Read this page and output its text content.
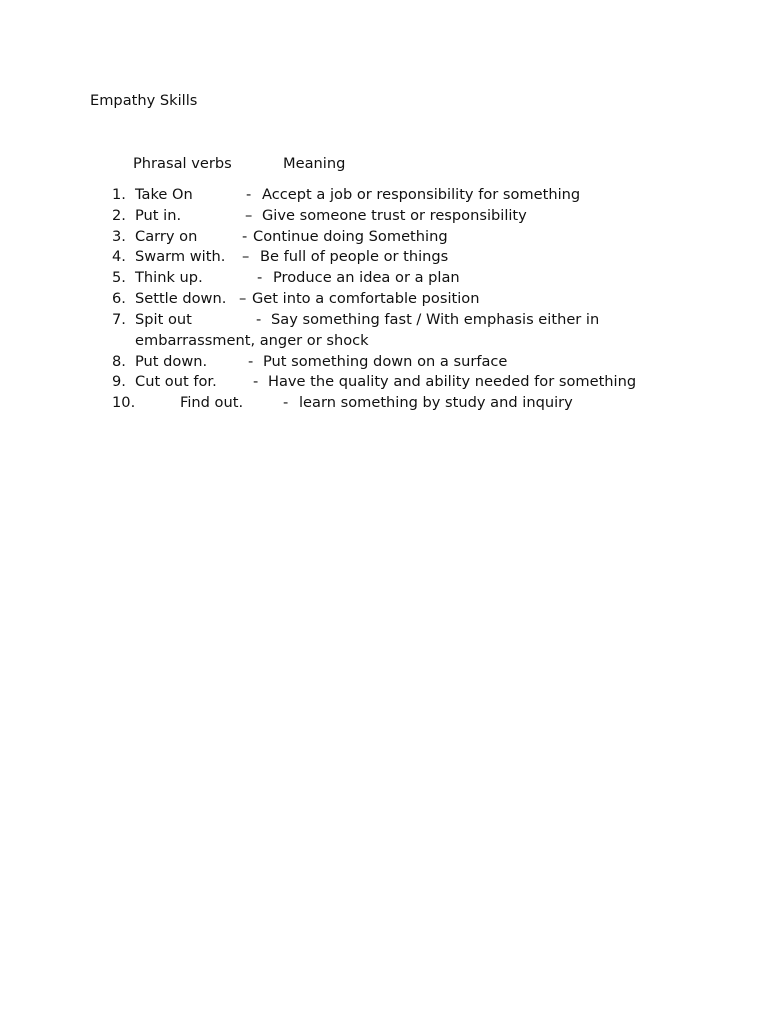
Empathy Skills
Phrasal verbs	Meaning
1. Take On	- Accept a job or responsibility for something
2. Put in.	– Give someone trust or responsibility
3. Carry on	- Continue doing Something
4. Swarm with. – Be full of people or things
5. Think up.	- Produce an idea or a plan
6. Settle down. – Get into a comfortable position
7. Spit out	- Say something fast / With emphasis either in
embarrassment, anger or shock
8. Put down.	- Put something down on a surface
9. Cut out for. - Have the quality and ability needed for something
10.	Find out.	- learn something by study and inquiry
